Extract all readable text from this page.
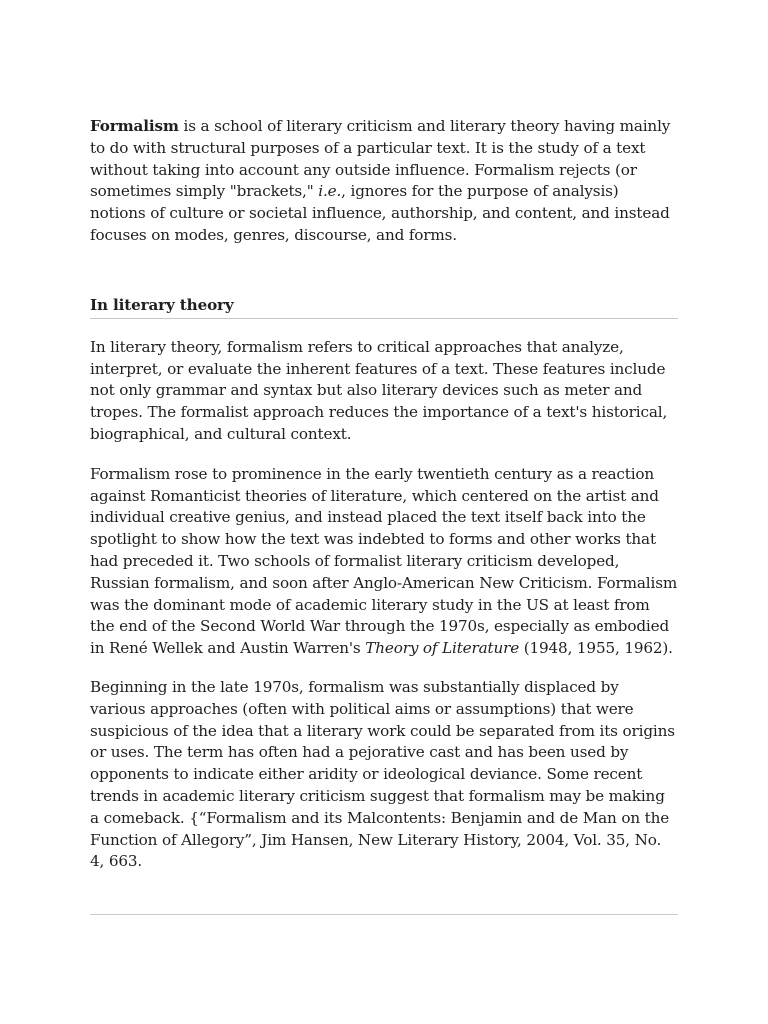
Formalism is a school of literary criticism and literary theory having mainly to do with structural purposes of a particular text. It is the study of a text without taking into account any outside influence. Formalism rejects (or sometimes simply "brackets," i.e., ignores for the purpose of analysis) notions of culture or societal influence, authorship, and content, and instead focuses on modes, genres, discourse, and forms.

In literary theory

In literary theory, formalism refers to critical approaches that analyze, interpret, or evaluate the inherent features of a text. These features include not only grammar and syntax but also literary devices such as meter and tropes. The formalist approach reduces the importance of a text's historical, biographical, and cultural context.

Formalism rose to prominence in the early twentieth century as a reaction against Romanticist theories of literature, which centered on the artist and individual creative genius, and instead placed the text itself back into the spotlight to show how the text was indebted to forms and other works that had preceded it. Two schools of formalist literary criticism developed, Russian formalism, and soon after Anglo-American New Criticism. Formalism was the dominant mode of academic literary study in the US at least from the end of the Second World War through the 1970s, especially as embodied in René Wellek and Austin Warren's Theory of Literature (1948, 1955, 1962).

Beginning in the late 1970s, formalism was substantially displaced by various approaches (often with political aims or assumptions) that were suspicious of the idea that a literary work could be separated from its origins or uses. The term has often had a pejorative cast and has been used by opponents to indicate either aridity or ideological deviance. Some recent trends in academic literary criticism suggest that formalism may be making a comeback. {“Formalism and its Malcontents: Benjamin and de Man on the Function of Allegory”, Jim Hansen, New Literary History, 2004, Vol. 35, No. 4, 663.
